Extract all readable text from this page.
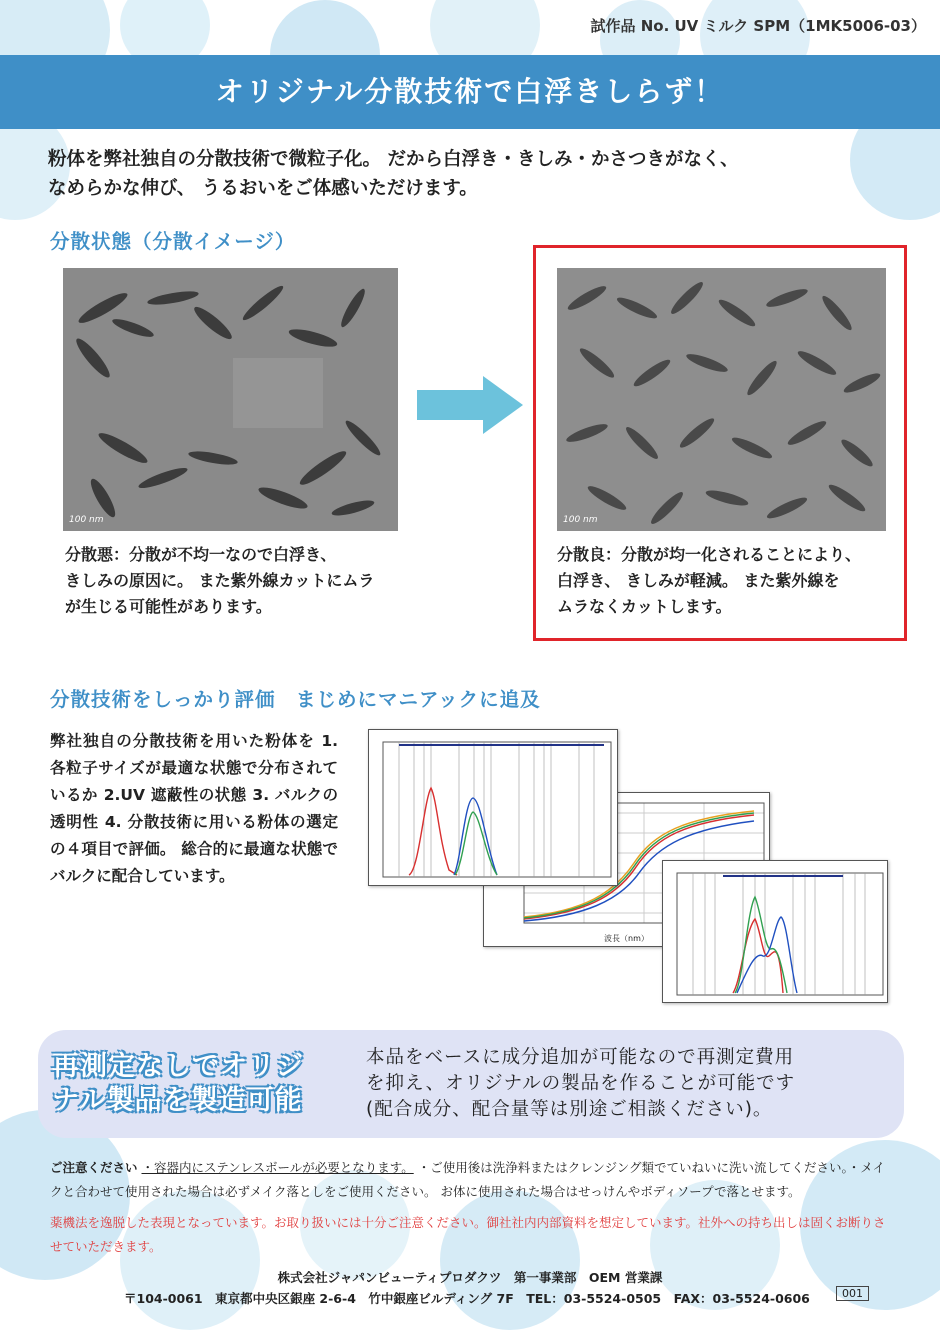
試作品 No. UV ミルク SPM（1MK5006-03）
オリジナル分散技術で白浮きしらず！
粉体を弊社独自の分散技術で微粒子化。 だから白浮き・きしみ・かさつきがなく、
なめらかな伸び、 うるおいをご体感いただけます。
分散状態（分散イメージ）
100 nm	100 nm
分散悪：分散が不均一なので白浮き、
きしみの原因に。 また紫外線カットにムラ
が生じる可能性があります。
分散良：分散が均一化されることにより、
白浮き、 きしみが軽減。 また紫外線を
ムラなくカットします。
分散技術をしっかり評価　まじめにマニアックに追及
弊社独自の分散技術を用いた粉体を 1. 各粒子サイズが最適な状態で分布されているか 2.UV 遮蔽性の状態 3. バルクの透明性 4. 分散技術に用いる粉体の選定 の４項目で評価。 総合的に最適な状態でバルクに配合しています。
波長（nm）
再測定なしでオリジ
ナル製品を製造可能
本品をベースに成分追加が可能なので再測定費用
を抑え、オリジナルの製品を作ることが可能です
(配合成分、配合量等は別途ご相談ください)。
ご注意ください ・容器内にステンレスボールが必要となります。 ・ご使用後は洗浄料またはクレンジング類でていねいに洗い流してください。・メイクと合わせて使用された場合は必ずメイク落としをご使用ください。 お体に使用された場合はせっけんやボディソープで落とせます。
薬機法を逸脱した表現となっています。お取り扱いには十分ご注意ください。御社社内内部資料を想定しています。社外への持ち出しは固くお断りさせていただきます。
株式会社ジャパンビューティプロダクツ　第一事業部　OEM 営業課
〒104-0061　東京都中央区銀座 2-6-4　竹中銀座ビルディング 7F　TEL：03-5524-0505　FAX：03-5524-0606	001
